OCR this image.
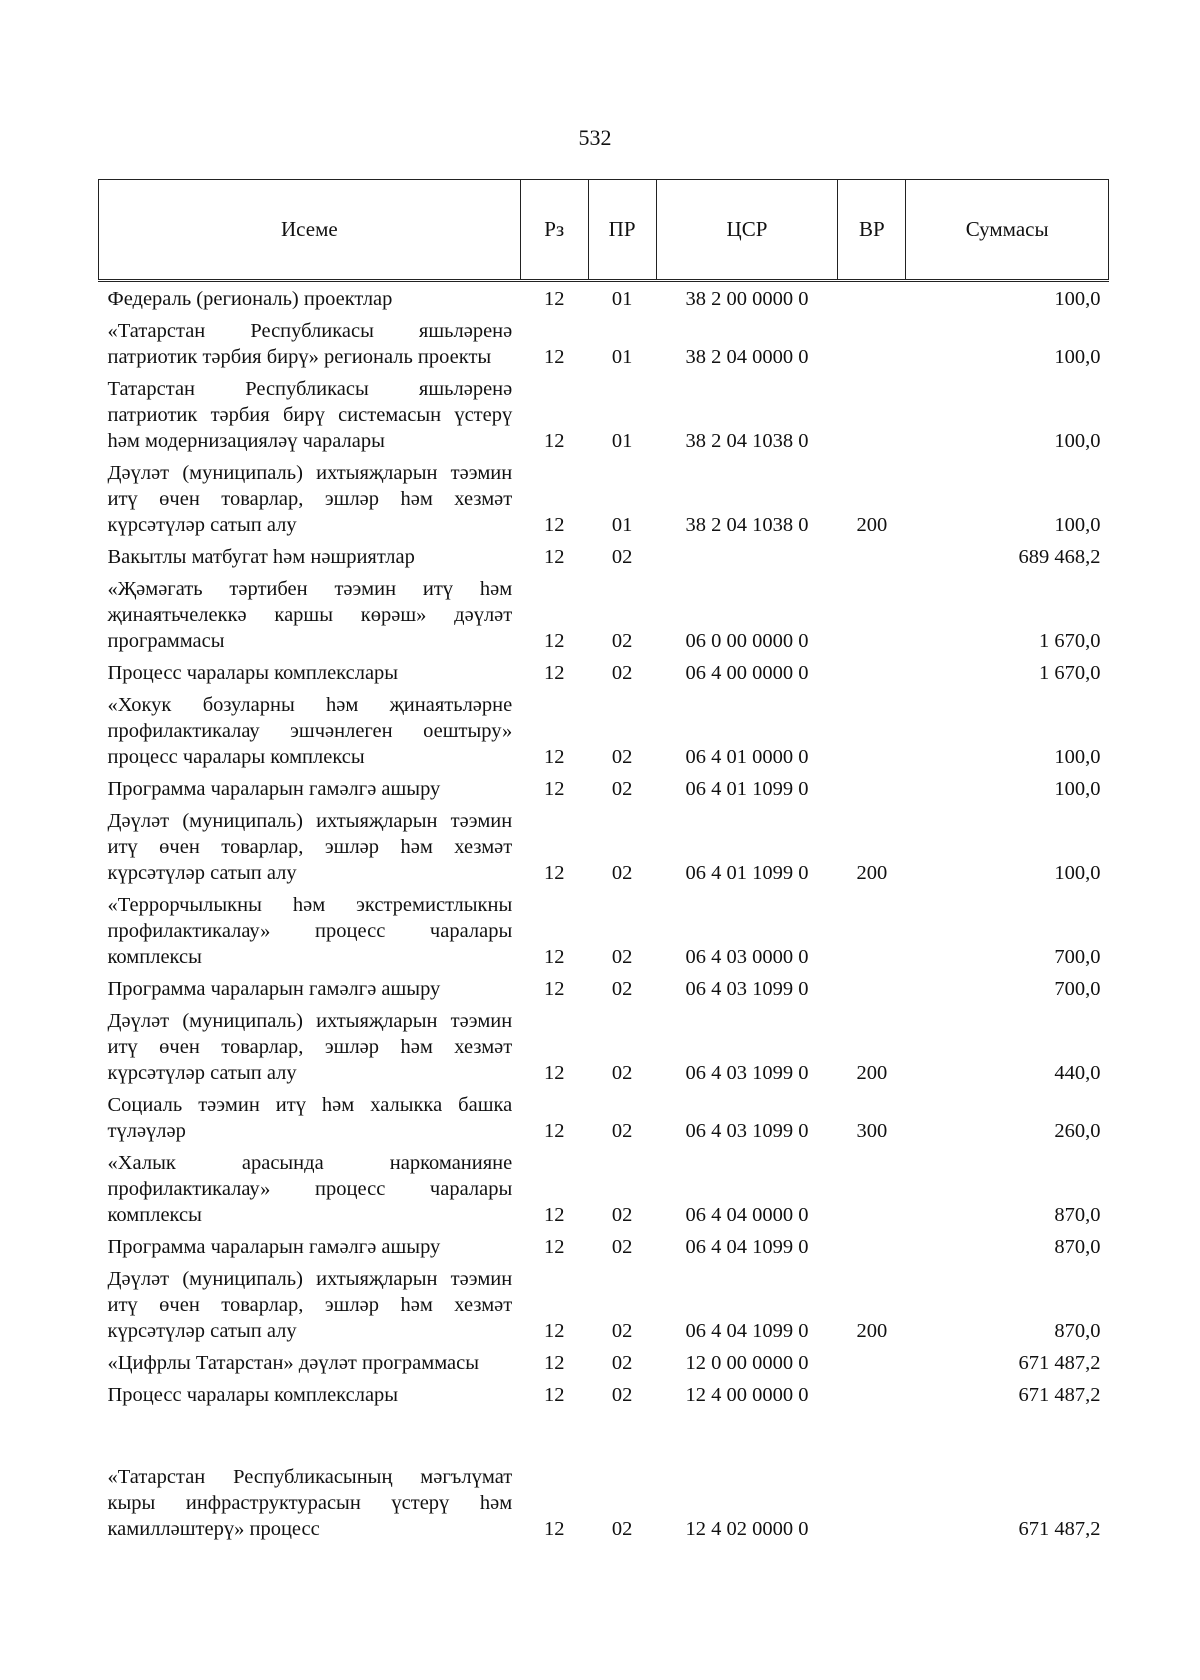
532
Исеме	Рз	ПР	ЦСР	ВР	Суммасы
Федераль (региональ) проектлар	12	01	38 2 00 0000 0		100,0
«Татарстан Республикасы яшьләренә патриотик тәрбия бирү» региональ проекты	12	01	38 2 04 0000 0		100,0
Татарстан Республикасы яшьләренә патриотик тәрбия бирү системасын үстерү һәм модернизацияләү чаралары	12	01	38 2 04 1038 0		100,0
Дәүләт (муниципаль) ихтыяҗларын тәэмин итү өчен товарлар, эшләр һәм хезмәт күрсәтүләр сатып алу	12	01	38 2 04 1038 0	200	100,0
Вакытлы матбугат һәм нәшриятлар	12	02			689 468,2
«Җәмәгать тәртибен тәэмин итү һәм җинаятьчелеккә каршы көрәш» дәүләт программасы	12	02	06 0 00 0000 0		1 670,0
Процесс чаралары комплекслары	12	02	06 4 00 0000 0		1 670,0
«Хокук бозуларны һәм җинаятьләрне профилактикалау эшчәнлеген оештыру» процесс чаралары комплексы	12	02	06 4 01 0000 0		100,0
Программа чараларын гамәлгә ашыру	12	02	06 4 01 1099 0		100,0
Дәүләт (муниципаль) ихтыяҗларын тәэмин итү өчен товарлар, эшләр һәм хезмәт күрсәтүләр сатып алу	12	02	06 4 01 1099 0	200	100,0
«Террорчылыкны һәм экстремистлыкны профилактикалау» процесс чаралары комплексы	12	02	06 4 03 0000 0		700,0
Программа чараларын гамәлгә ашыру	12	02	06 4 03 1099 0		700,0
Дәүләт (муниципаль) ихтыяҗларын тәэмин итү өчен товарлар, эшләр һәм хезмәт күрсәтүләр сатып алу	12	02	06 4 03 1099 0	200	440,0
Социаль тәэмин итү һәм халыкка башка түләүләр	12	02	06 4 03 1099 0	300	260,0
«Халык арасында наркоманияне профилактикалау» процесс чаралары комплексы	12	02	06 4 04 0000 0		870,0
Программа чараларын гамәлгә ашыру	12	02	06 4 04 1099 0		870,0
Дәүләт (муниципаль) ихтыяҗларын тәэмин итү өчен товарлар, эшләр һәм хезмәт күрсәтүләр сатып алу	12	02	06 4 04 1099 0	200	870,0
«Цифрлы Татарстан» дәүләт программасы	12	02	12 0 00 0000 0		671 487,2
Процесс чаралары комплекслары	12	02	12 4 00 0000 0		671 487,2
«Татарстан Республикасының мәгълүмат кыры инфраструктурасын үстерү һәм камилләштерү» процесс	12	02	12 4 02 0000 0		671 487,2
